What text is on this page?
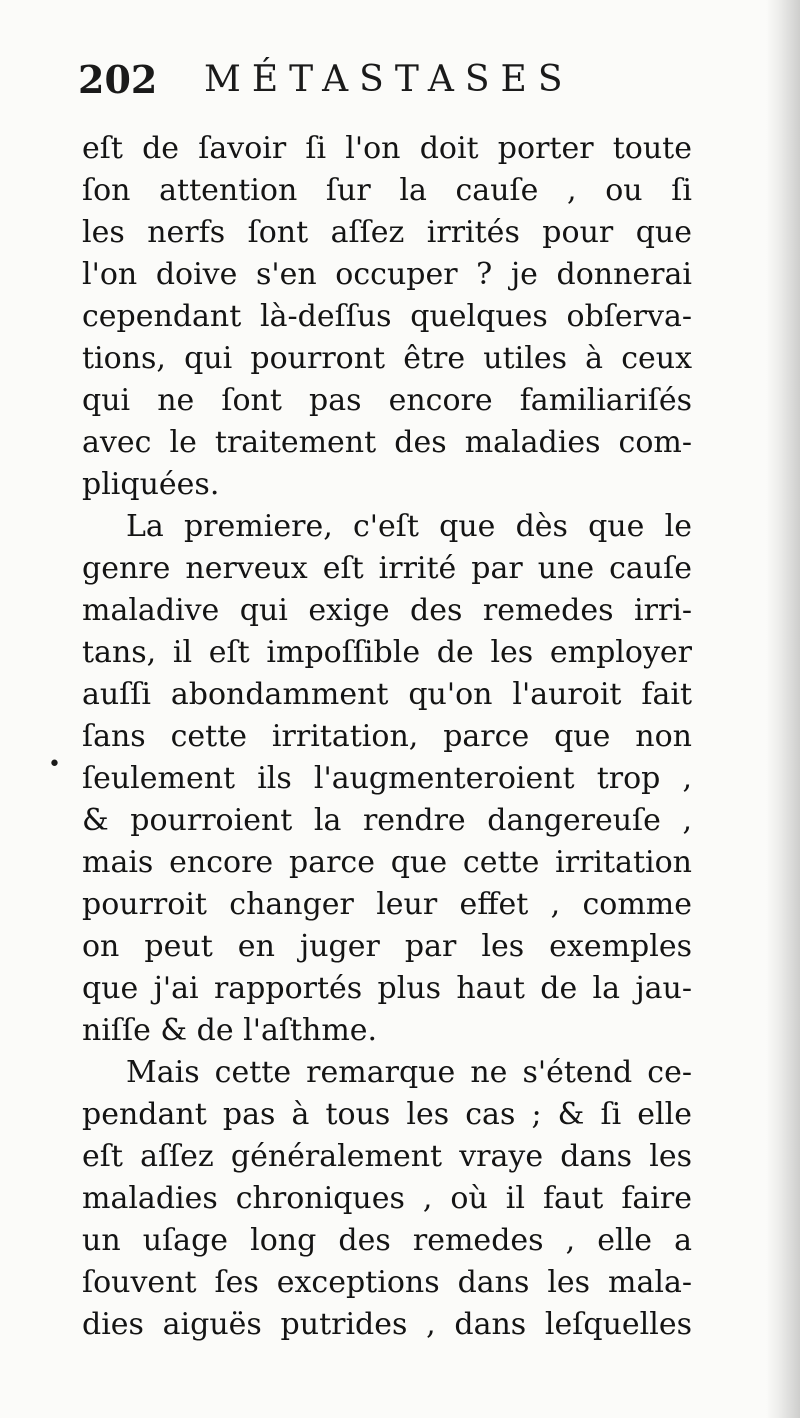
202 MÉTASTASES
•
eſt de ſavoir ſi l'on doit porter toute
ſon attention ſur la cauſe , ou ſi
les nerfs ſont aſſez irrités pour que
l'on doive s'en occuper ? je donnerai
cependant là-deſſus quelques obſerva-
tions, qui pourront être utiles à ceux
qui ne ſont pas encore familiariſés
avec le traitement des maladies com-
pliquées.
La premiere, c'eſt que dès que le
genre nerveux eſt irrité par une cauſe
maladive qui exige des remedes irri-
tans, il eſt impoſſible de les employer
auſſi abondamment qu'on l'auroit fait
ſans cette irritation, parce que non
ſeulement ils l'augmenteroient trop ,
& pourroient la rendre dangereuſe ,
mais encore parce que cette irritation
pourroit changer leur effet , comme
on peut en juger par les exemples
que j'ai rapportés plus haut de la jau-
niſſe & de l'aſthme.
Mais cette remarque ne s'étend ce-
pendant pas à tous les cas ; & ſi elle
eſt aſſez généralement vraye dans les
maladies chroniques , où il faut faire
un uſage long des remedes , elle a
ſouvent ſes exceptions dans les mala-
dies aiguës putrides , dans leſquelles
